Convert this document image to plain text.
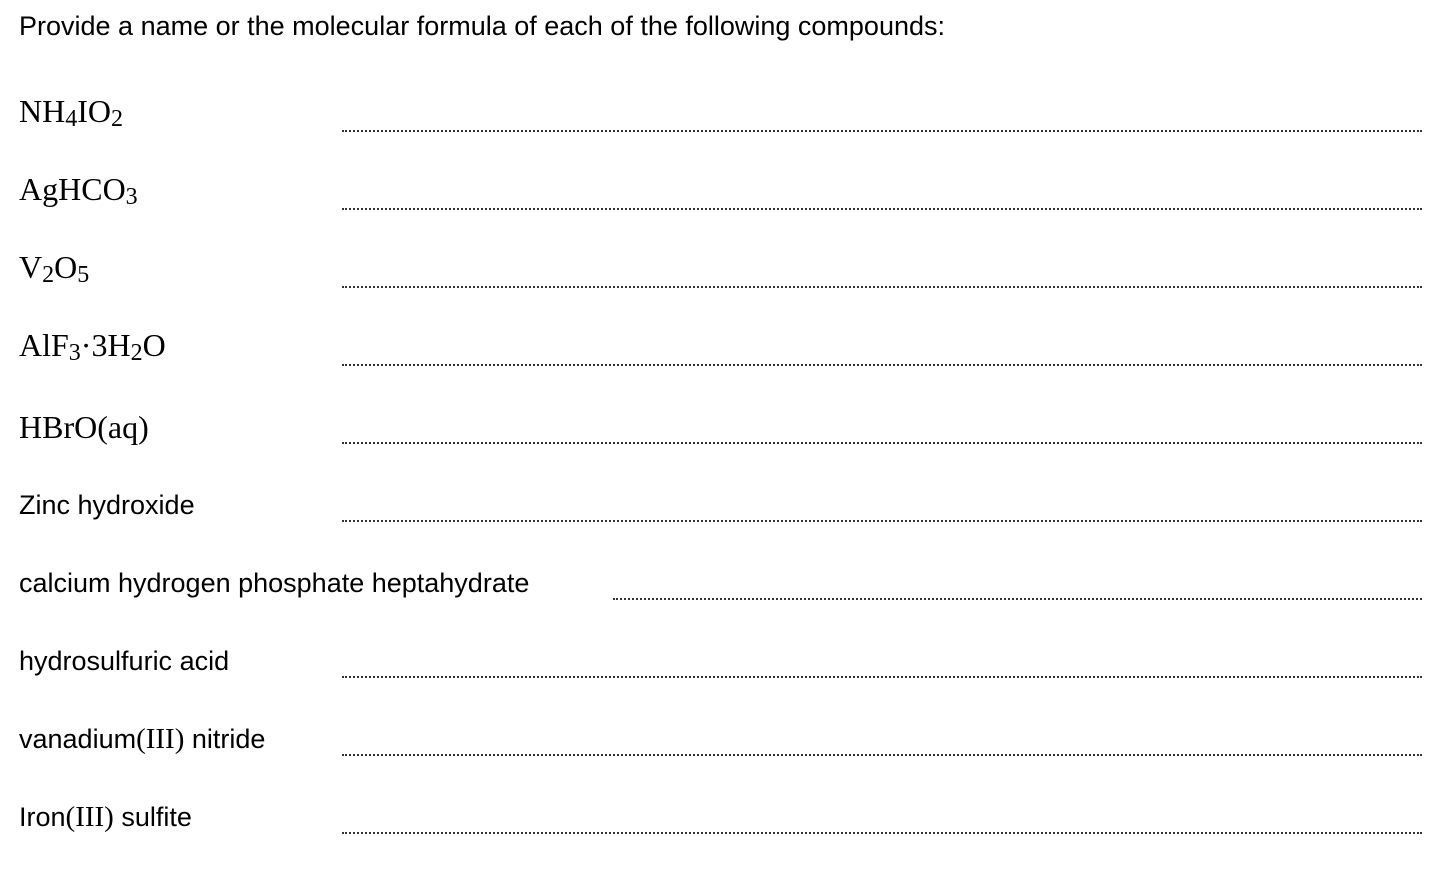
Provide a name or the molecular formula of each of the following compounds:
NH4IO2
AgHCO3
V2O5
AlF3·3H2O
HBrO(aq)
Zinc hydroxide
calcium hydrogen phosphate heptahydrate
hydrosulfuric acid
vanadium(III) nitride
Iron(III) sulfite
